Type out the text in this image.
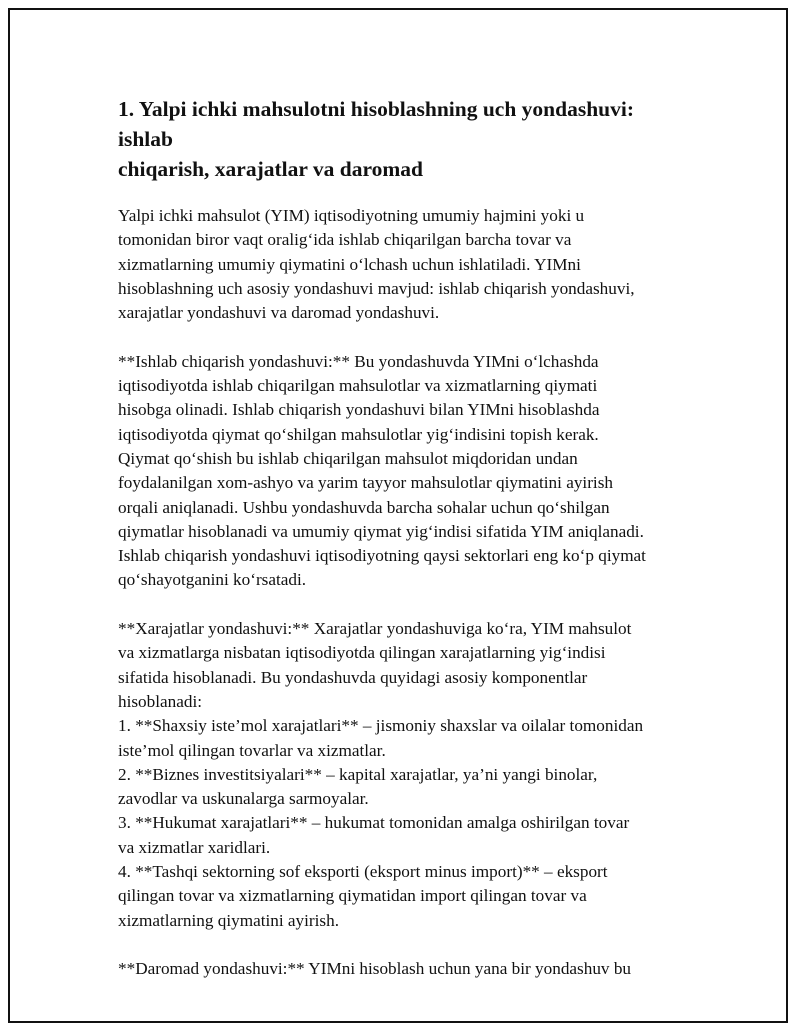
1. Yalpi ichki mahsulotni hisoblashning uch yondashuvi: ishlab
chiqarish, xarajatlar va daromad
Yalpi ichki mahsulot (YIM) iqtisodiyotning umumiy hajmini yoki u
tomonidan biror vaqt oralig‘ida ishlab chiqarilgan barcha tovar va
xizmatlarning umumiy qiymatini o‘lchash uchun ishlatiladi. YIMni
hisoblashning uch asosiy yondashuvi mavjud: ishlab chiqarish yondashuvi,
xarajatlar yondashuvi va daromad yondashuvi.
**Ishlab chiqarish yondashuvi:** Bu yondashuvda YIMni o‘lchashda
iqtisodiyotda ishlab chiqarilgan mahsulotlar va xizmatlarning qiymati
hisobga olinadi. Ishlab chiqarish yondashuvi bilan YIMni hisoblashda
iqtisodiyotda qiymat qo‘shilgan mahsulotlar yig‘indisini topish kerak.
Qiymat qo‘shish bu ishlab chiqarilgan mahsulot miqdoridan undan
foydalanilgan xom-ashyo va yarim tayyor mahsulotlar qiymatini ayirish
orqali aniqlanadi. Ushbu yondashuvda barcha sohalar uchun qo‘shilgan
qiymatlar hisoblanadi va umumiy qiymat yig‘indisi sifatida YIM aniqlanadi.
Ishlab chiqarish yondashuvi iqtisodiyotning qaysi sektorlari eng ko‘p qiymat
qo‘shayotganini ko‘rsatadi.
**Xarajatlar yondashuvi:** Xarajatlar yondashuviga ko‘ra, YIM mahsulot
va xizmatlarga nisbatan iqtisodiyotda qilingan xarajatlarning yig‘indisi
sifatida hisoblanadi. Bu yondashuvda quyidagi asosiy komponentlar
hisoblanadi:
1. **Shaxsiy iste’mol xarajatlari** – jismoniy shaxslar va oilalar tomonidan
iste’mol qilingan tovarlar va xizmatlar.
2. **Biznes investitsiyalari** – kapital xarajatlar, ya’ni yangi binolar,
zavodlar va uskunalarga sarmoyalar.
3. **Hukumat xarajatlari** – hukumat tomonidan amalga oshirilgan tovar
va xizmatlar xaridlari.
4. **Tashqi sektorning sof eksporti (eksport minus import)** – eksport
qilingan tovar va xizmatlarning qiymatidan import qilingan tovar va
xizmatlarning qiymatini ayirish.
**Daromad yondashuvi:** YIMni hisoblash uchun yana bir yondashuv bu
